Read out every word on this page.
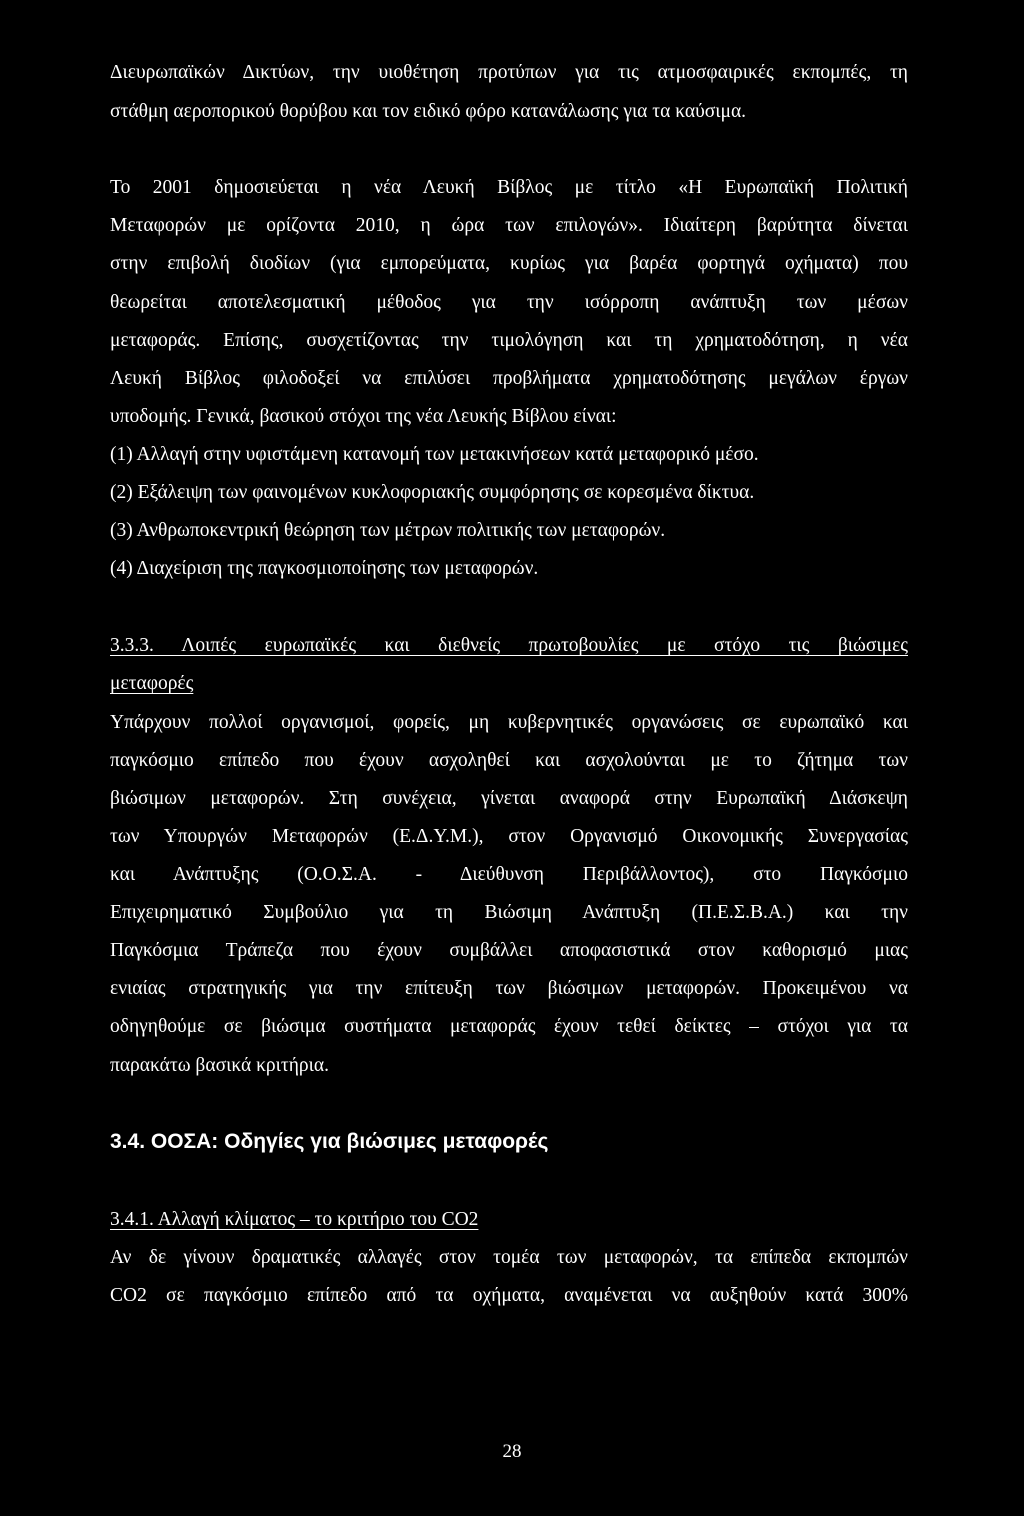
Διευρωπαϊκών Δικτύων, την υιοθέτηση προτύπων για τις ατμοσφαιρικές εκπομπές, τη
στάθμη αεροπορικού θορύβου και τον ειδικό φόρο κατανάλωσης για τα καύσιμα.
Το 2001 δημοσιεύεται η νέα Λευκή Βίβλος με τίτλο «Η Ευρωπαϊκή Πολιτική
Μεταφορών με ορίζοντα 2010, η ώρα των επιλογών». Ιδιαίτερη βαρύτητα δίνεται
στην επιβολή διοδίων (για εμπορεύματα, κυρίως για βαρέα φορτηγά οχήματα) που
θεωρείται αποτελεσματική μέθοδος για την ισόρροπη ανάπτυξη των μέσων
μεταφοράς. Επίσης, συσχετίζοντας την τιμολόγηση και τη χρηματοδότηση, η νέα
Λευκή Βίβλος φιλοδοξεί να επιλύσει προβλήματα χρηματοδότησης μεγάλων έργων
υποδομής. Γενικά, βασικού στόχοι της νέα Λευκής Βίβλου είναι:
(1) Αλλαγή στην υφιστάμενη κατανομή των μετακινήσεων κατά μεταφορικό μέσο.
(2) Εξάλειψη των φαινομένων κυκλοφοριακής συμφόρησης σε κορεσμένα δίκτυα.
(3) Ανθρωποκεντρική θεώρηση των μέτρων πολιτικής των μεταφορών.
(4) Διαχείριση της παγκοσμιοποίησης των μεταφορών.
3.3.3. Λοιπές ευρωπαϊκές και διεθνείς πρωτοβουλίες με στόχο τις βιώσιμες
μεταφορές
Υπάρχουν πολλοί οργανισμοί, φορείς, μη κυβερνητικές οργανώσεις σε ευρωπαϊκό και
παγκόσμιο επίπεδο που έχουν ασχοληθεί και ασχολούνται με το ζήτημα των
βιώσιμων μεταφορών. Στη συνέχεια, γίνεται αναφορά στην Ευρωπαϊκή Διάσκεψη
των Υπουργών Μεταφορών (Ε.Δ.Υ.Μ.), στον Οργανισμό Οικονομικής Συνεργασίας
και Ανάπτυξης (Ο.Ο.Σ.Α. - Διεύθυνση Περιβάλλοντος), στο Παγκόσμιο
Επιχειρηματικό Συμβούλιο για τη Βιώσιμη Ανάπτυξη (Π.Ε.Σ.Β.Α.) και την
Παγκόσμια Τράπεζα που έχουν συμβάλλει αποφασιστικά στον καθορισμό μιας
ενιαίας στρατηγικής για την επίτευξη των βιώσιμων μεταφορών. Προκειμένου να
οδηγηθούμε σε βιώσιμα συστήματα μεταφοράς έχουν τεθεί δείκτες – στόχοι για τα
παρακάτω βασικά κριτήρια.
3.4. ΟΟΣΑ: Οδηγίες για βιώσιμες μεταφορές
3.4.1. Αλλαγή κλίματος – το κριτήριο του CO2
Αν δε γίνουν δραματικές αλλαγές στον τομέα των μεταφορών, τα επίπεδα εκπομπών
CO2 σε παγκόσμιο επίπεδο από τα οχήματα, αναμένεται να αυξηθούν κατά 300%
28
